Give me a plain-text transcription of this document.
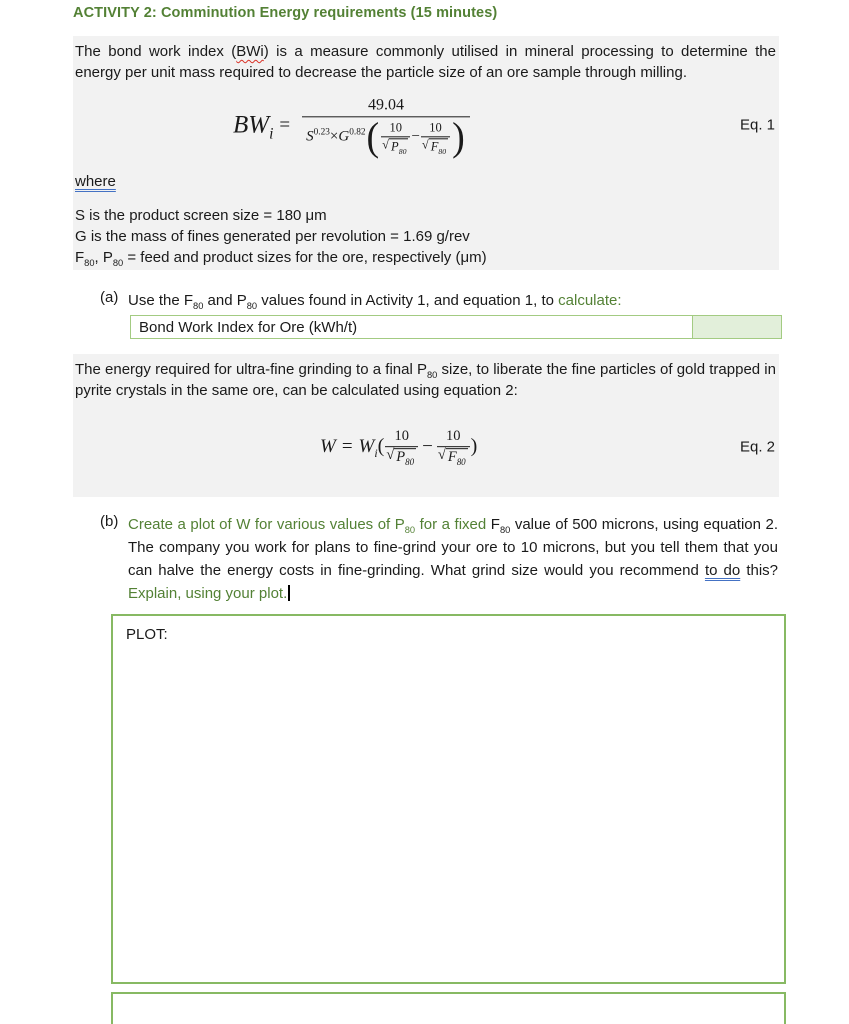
ACTIVITY 2: Comminution Energy requirements (15 minutes)

The bond work index (BWi) is a measure commonly utilised in mineral processing to determine the energy per unit mass required to decrease the particle size of an ore sample through milling.

$BW_i$ =
49.04
$S^{0.23} \times G^{0.82}$ ( $\frac{10}{√ P_{80}} - \frac{10}{√ F_{80}}$ )	Eq. 1
where
S is the product screen size = 180 μm
G is the mass of fines generated per revolution = 1.69 g/rev
$F_{80}$, $P_{80}$ = feed and product sizes for the ore, respectively (μm)
(a) Use the $F_{80}$ and $P_{80}$ values found in Activity 1, and equation 1, to calculate:
Bond Work Index for Ore (kWh/t)

The energy required for ultra-fine grinding to a final $P_{80}$ size, to liberate the fine particles of gold trapped in pyrite crystals in the same ore, can be calculated using equation 2:

$W = W_i$ ( $\frac{10}{√ P_{80}} - \frac{10}{√ F_{80}}$ )	Eq. 2
(b) Create a plot of W for various values of $P_{80}$ for a fixed $F_{80}$ value of 500 microns, using equation 2. The company you work for plans to fine-grind your ore to 10 microns, but you tell them that you can halve the energy costs in fine-grinding. What grind size would you recommend to do this? Explain, using your plot.
PLOT:
